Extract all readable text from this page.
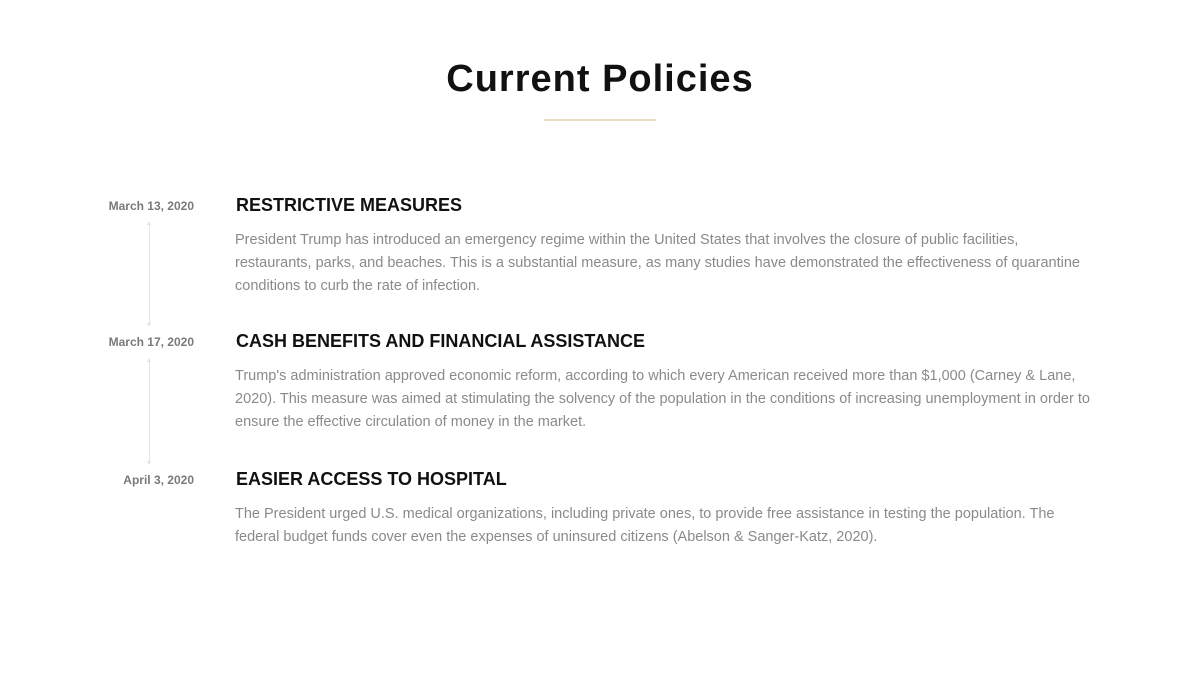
Current Policies
March 13, 2020 RESTRICTIVE MEASURES

President Trump has introduced an emergency regime within the United States that involves the closure of public facilities, restaurants, parks, and beaches. This is a substantial measure, as many studies have demonstrated the effectiveness of quarantine conditions to curb the rate of infection.

March 17, 2020 CASH BENEFITS AND FINANCIAL ASSISTANCE

Trump's administration approved economic reform, according to which every American received more than $1,000 (Carney & Lane, 2020). This measure was aimed at stimulating the solvency of the population in the conditions of increasing unemployment in order to ensure the effective circulation of money in the market.

April 3, 2020 EASIER ACCESS TO HOSPITAL

The President urged U.S. medical organizations, including private ones, to provide free assistance in testing the population. The federal budget funds cover even the expenses of uninsured citizens (Abelson & Sanger-Katz, 2020).
